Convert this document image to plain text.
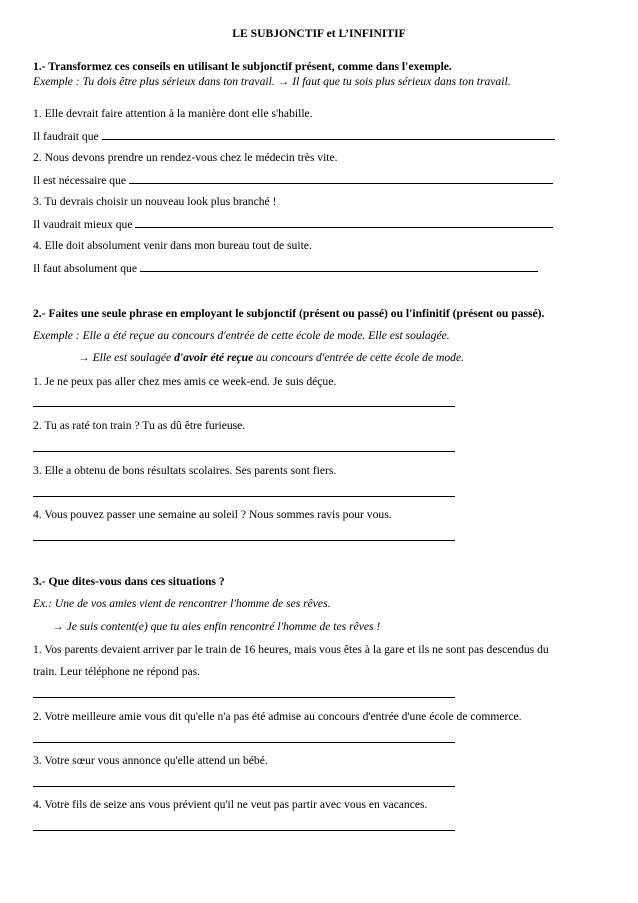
LE SUBJONCTIF et L’INFINITIF
1.- Transformez ces conseils en utilisant le subjonctif présent, comme dans l'exemple.
Exemple : Tu dois être plus sérieux dans ton travail. → Il faut que tu sois plus sérieux dans ton travail.
1. Elle devrait faire attention à la manière dont elle s'habille.
Il faudrait que
2. Nous devons prendre un rendez-vous chez le médecin très vite.
Il est nécessaire que
3. Tu devrais choisir un nouveau look plus branché !
Il vaudrait mieux que
4. Elle doit absolument venir dans mon bureau tout de suite.
Il faut absolument que
2.- Faites une seule phrase en employant le subjonctif (présent ou passé) ou l'infinitif (présent ou passé).
Exemple : Elle a été reçue au concours d'entrée de cette école de mode. Elle est soulagée.
→ Elle est soulagée d'avoir été reçue au concours d'entrée de cette école de mode.
1. Je ne peux pas aller chez mes amis ce week-end. Je suis déçue.
2. Tu as raté ton train ? Tu as dû être furieuse.
3. Elle a obtenu de bons résultats scolaires. Ses parents sont fiers.
4. Vous pouvez passer une semaine au soleil ? Nous sommes ravis pour vous.
3.- Que dites-vous dans ces situations ?
Ex.: Une de vos amies vient de rencontrer l'homme de ses rêves.
→ Je suis content(e) que tu aies enfin rencontré l'homme de tes rêves !
1. Vos parents devaient arriver par le train de 16 heures, mais vous êtes à la gare et ils ne sont pas descendus du
train. Leur téléphone ne répond pas.
2. Votre meilleure amie vous dit qu'elle n'a pas été admise au concours d'entrée d'une école de commerce.
3. Votre sœur vous annonce qu'elle attend un bébé.
4. Votre fils de seize ans vous prévient qu'il ne veut pas partir avec vous en vacances.
